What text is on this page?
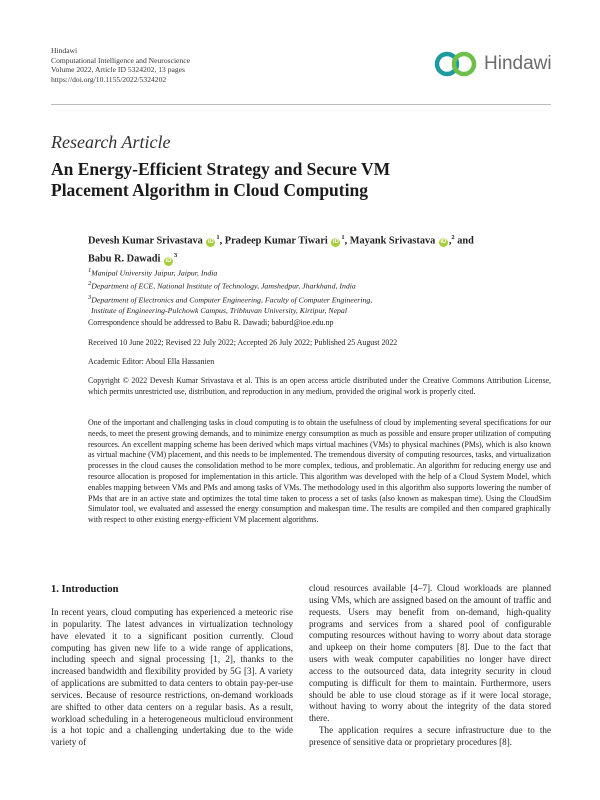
Hindawi
Computational Intelligence and Neuroscience
Volume 2022, Article ID 5324202, 13 pages
https://doi.org/10.1155/2022/5324202
Hindawi
Research Article
An Energy-Efficient Strategy and Secure VM Placement Algorithm in Cloud Computing
Devesh Kumar Srivastava $iD^1$, Pradeep Kumar Tiwari $iD^1$, Mayank Srivastava iD ,$^2$ and
Babu R. Dawadi $iD^3$
$^1$Manipal University Jaipur, Jaipur, India
$^2$Department of ECE, National Institute of Technology, Jamshedpur, Jharkhand, India
$^3$Department of Electronics and Computer Engineering, Faculty of Computer Engineering,
Institute of Engineering-Pulchowk Campus, Tribhuvan University, Kirtipur, Nepal
Correspondence should be addressed to Babu R. Dawadi; baburd@ioe.edu.np
Received 10 June 2022; Revised 22 July 2022; Accepted 26 July 2022; Published 25 August 2022
Academic Editor: Aboul Ella Hassanien
Copyright © 2022 Devesh Kumar Srivastava et al. This is an open access article distributed under the Creative Commons Attribution License, which permits unrestricted use, distribution, and reproduction in any medium, provided the original work is properly cited.
One of the important and challenging tasks in cloud computing is to obtain the usefulness of cloud by implementing several specifications for our needs, to meet the present growing demands, and to minimize energy consumption as much as possible and ensure proper utilization of computing resources. An excellent mapping scheme has been derived which maps virtual machines (VMs) to physical machines (PMs), which is also known as virtual machine (VM) placement, and this needs to be implemented. The tremendous diversity of computing resources, tasks, and virtualization processes in the cloud causes the consolidation method to be more complex, tedious, and problematic. An algorithm for reducing energy use and resource allocation is proposed for implementation in this article. This algorithm was developed with the help of a Cloud System Model, which enables mapping between VMs and PMs and among tasks of VMs. The methodology used in this algorithm also supports lowering the number of PMs that are in an active state and optimizes the total time taken to process a set of tasks (also known as makespan time). Using the CloudSim Simulator tool, we evaluated and assessed the energy consumption and makespan time. The results are compiled and then compared graphically with respect to other existing energy-efficient VM placement algorithms.
1. Introduction

In recent years, cloud computing has experienced a meteoric rise in popularity. The latest advances in virtualization technology have elevated it to a significant position currently. Cloud computing has given new life to a wide range of applications, including speech and signal processing [1, 2], thanks to the increased bandwidth and flexibility provided by 5G [3]. A variety of applications are submitted to data centers to obtain pay-per-use services. Because of resource restrictions, on-demand workloads are shifted to other data centers on a regular basis. As a result, workload scheduling in a heterogeneous multicloud environment is a hot topic and a challenging undertaking due to the wide variety of

cloud resources available [4–7]. Cloud workloads are planned using VMs, which are assigned based on the amount of traffic and requests. Users may benefit from on-demand, high-quality programs and services from a shared pool of configurable computing resources without having to worry about data storage and upkeep on their home computers [8]. Due to the fact that users with weak computer capabilities no longer have direct access to the outsourced data, data integrity security in cloud computing is difficult for them to maintain. Furthermore, users should be able to use cloud storage as if it were local storage, without having to worry about the integrity of the data stored there.

The application requires a secure infrastructure due to the presence of sensitive data or proprietary procedures [8].
